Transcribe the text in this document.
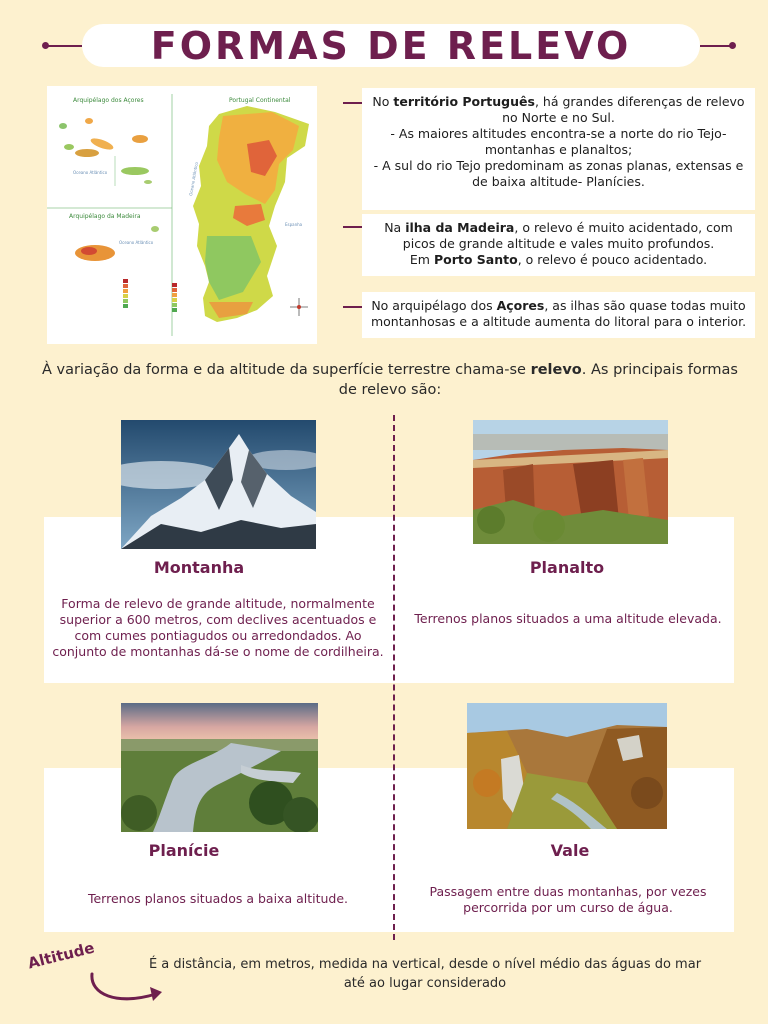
FORMAS DE RELEVO
Arquipélago dos Açores	Portugal Continental
Arquipélago da Madeira
Oceano Atlântico
Oceano Atlântico
Oceano Atlântico
Espanha
No território Português, há grandes diferenças de relevo no Norte e no Sul.
- As maiores altitudes encontra-se a norte do rio Tejo- montanhas e planaltos;
- A sul do rio Tejo predominam as zonas planas, extensas e de baixa altitude- Planícies.
Na ilha da Madeira, o relevo é muito acidentado, com picos de grande altitude e vales muito profundos.
Em Porto Santo, o relevo é pouco acidentado.
No arquipélago dos Açores, as ilhas são quase todas muito montanhosas e a altitude aumenta do litoral para o interior.
À variação da forma e da altitude da superfície terrestre chama-se relevo. As principais formas de relevo são:
Montanha	Planalto
Planície	Vale
Forma de relevo de grande altitude, normalmente superior a 600 metros, com declives acentuados e com cumes pontiagudos ou arredondados. Ao conjunto de montanhas dá-se o nome de cordilheira.
Terrenos planos situados a uma altitude elevada.
Terrenos planos situados a baixa altitude.	Passagem entre duas montanhas, por vezes percorrida por um curso de água.
Altitude	É a distância, em metros, medida na vertical, desde o nível médio das águas do mar até ao lugar considerado
